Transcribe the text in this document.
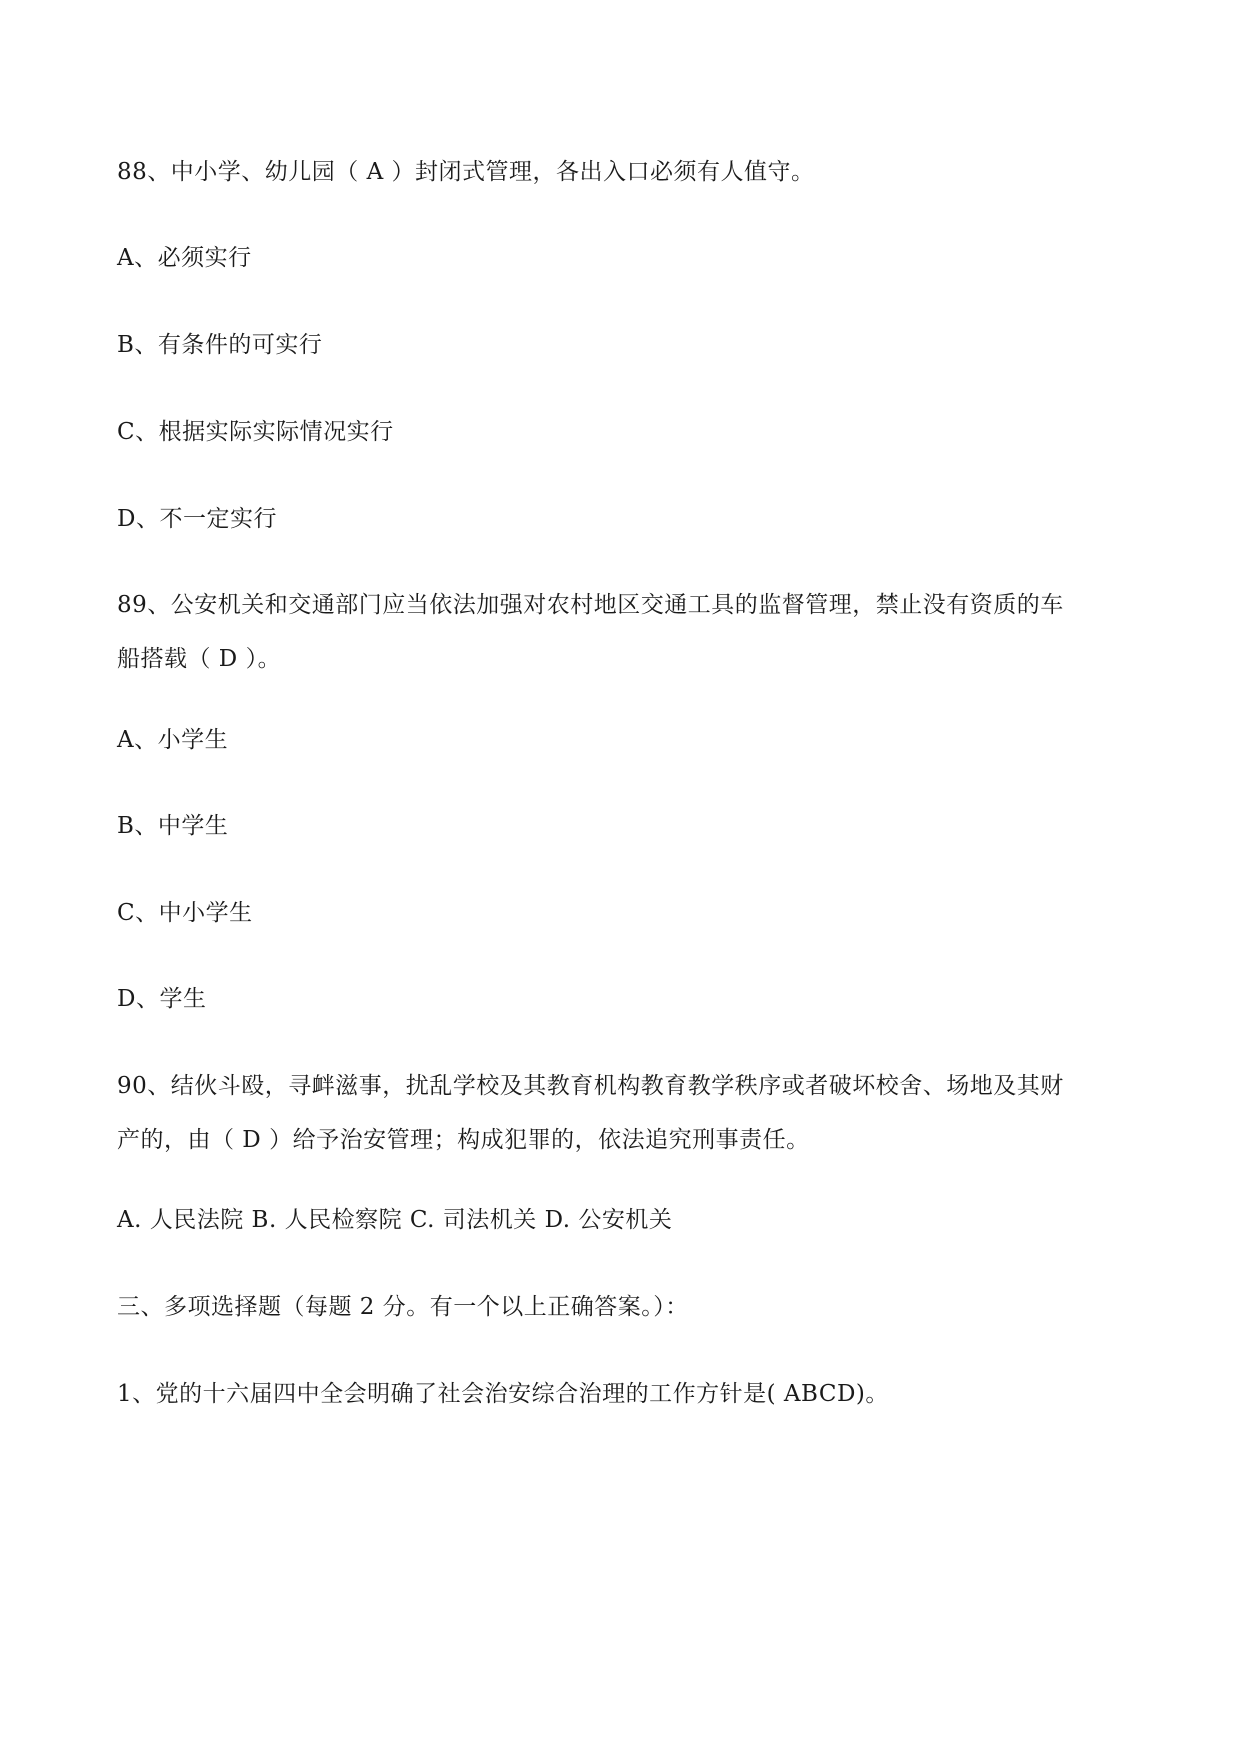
88、中小学、幼儿园（ A ）封闭式管理，各出入口必须有人值守。
A、必须实行
B、有条件的可实行
C、根据实际实际情况实行
D、不一定实行
89、公安机关和交通部门应当依法加强对农村地区交通工具的监督管理，禁止没有资质的车
船搭载（ D ）。
A、小学生
B、中学生
C、中小学生
D、学生
90、结伙斗殴，寻衅滋事，扰乱学校及其教育机构教育教学秩序或者破坏校舍、场地及其财
产的，由（ D ）给予治安管理；构成犯罪的，依法追究刑事责任。
A. 人民法院 B. 人民检察院 C. 司法机关 D. 公安机关
三、多项选择题（每题 2 分。有一个以上正确答案。）：
1、党的十六届四中全会明确了社会治安综合治理的工作方针是( ABCD)。
